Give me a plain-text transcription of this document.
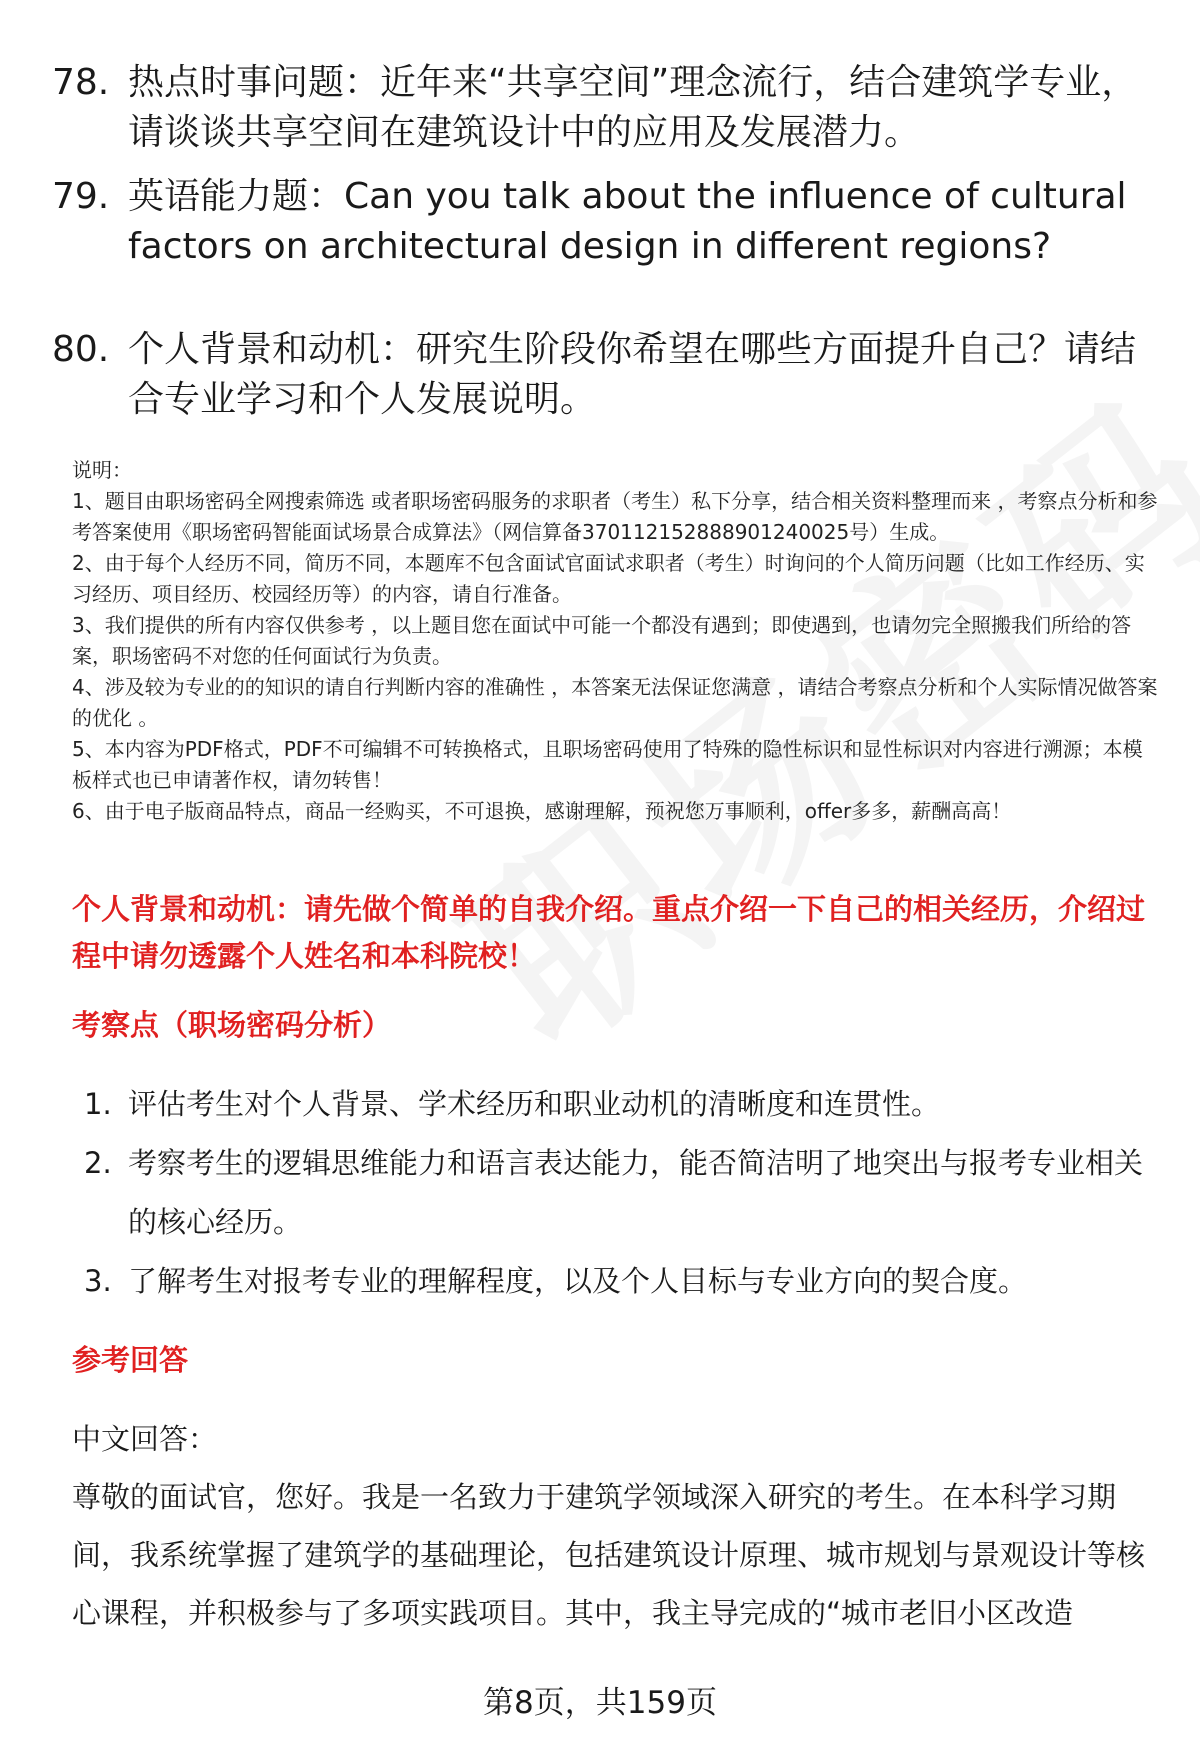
78. 热点时事问题：近年来“共享空间”理念流行，结合建筑学专业，请谈谈共享空间在建筑设计中的应用及发展潜力。
79. 英语能力题：Can you talk about the influence of cultural factors on architectural design in different regions?
80. 个人背景和动机：研究生阶段你希望在哪些方面提升自己？请结合专业学习和个人发展说明。

说明：

1、题目由职场密码全网搜索筛选 或者职场密码服务的求职者（考生）私下分享，结合相关资料整理而来 ，考察点分析和参考答案使用《职场密码智能面试场景合成算法》（网信算备370112152888901240025号）生成。

2、由于每个人经历不同，简历不同，本题库不包含面试官面试求职者（考生）时询问的个人简历问题（比如工作经历、实习经历、项目经历、校园经历等）的内容，请自行准备。

3、我们提供的所有内容仅供参考 ，以上题目您在面试中可能一个都没有遇到；即使遇到，也请勿完全照搬我们所给的答案，职场密码不对您的任何面试行为负责。

4、涉及较为专业的的知识的请自行判断内容的准确性 ，本答案无法保证您满意 ，请结合考察点分析和个人实际情况做答案的优化 。

5、本内容为PDF格式，PDF不可编辑不可转换格式，且职场密码使用了特殊的隐性标识和显性标识对内容进行溯源；本模板样式也已申请著作权，请勿转售！

6、由于电子版商品特点，商品一经购买，不可退换，感谢理解，预祝您万事顺利，offer多多，薪酬高高！

个人背景和动机：请先做个简单的自我介绍。重点介绍一下自己的相关经历，介绍过程中请勿透露个人姓名和本科院校！
考察点（职场密码分析）
1. 评估考生对个人背景、学术经历和职业动机的清晰度和连贯性。
2. 考察考生的逻辑思维能力和语言表达能力，能否简洁明了地突出与报考专业相关的核心经历。
3. 了解考生对报考专业的理解程度，以及个人目标与专业方向的契合度。
参考回答
中文回答：
尊敬的面试官，您好。我是一名致力于建筑学领域深入研究的考生。在本科学习期间，我系统掌握了建筑学的基础理论，包括建筑设计原理、城市规划与景观设计等核心课程，并积极参与了多项实践项目。其中，我主导完成的“城市老旧小区改造
第8页，共159页
